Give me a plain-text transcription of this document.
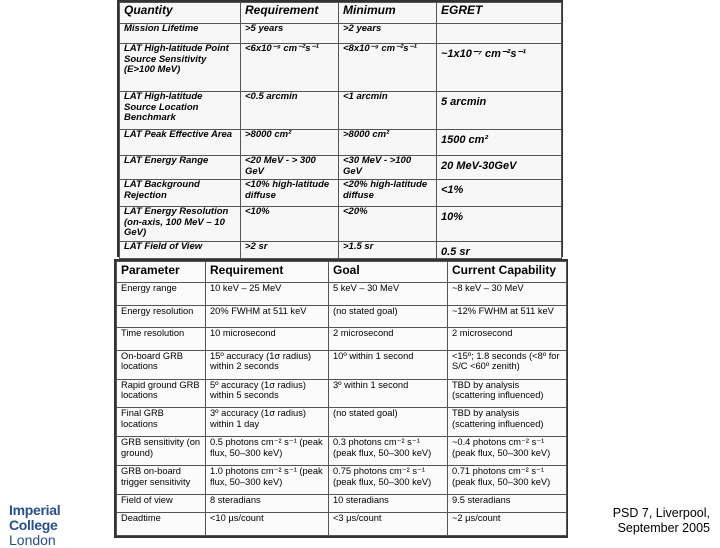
Quantity	Requirement	Minimum	EGRET
Mission Lifetime	>5 years	>2 years	
LAT High-latitude Point Source Sensitivity (E>100 MeV)	<6x10⁻⁹ cm⁻²s⁻¹	<8x10⁻⁹ cm⁻²s⁻¹	~1x10⁻⁷ cm⁻²s⁻¹
LAT High-latitude Source Location Benchmark	<0.5 arcmin	<1 arcmin	5 arcmin
LAT Peak Effective Area	>8000 cm²	>8000 cm²	1500 cm²
LAT Energy Range	<20 MeV - > 300 GeV	<30 MeV - >100 GeV	20 MeV-30GeV
LAT Background Rejection	<10% high-latitude diffuse	<20% high-latitude diffuse	<1%
LAT Energy Resolution (on-axis, 100 MeV – 10 GeV)	<10%	<20%	10%
LAT Field of View	>2 sr	>1.5 sr	0.5 sr
Parameter	Requirement	Goal	Current Capability
Energy range	10 keV – 25 MeV	5 keV – 30 MeV	~8 keV – 30 MeV
Energy resolution	20% FWHM at 511 keV	(no stated goal)	~12% FWHM at 511 keV
Time resolution	10 microsecond	2 microsecond	2 microsecond
On-board GRB locations	15º accuracy (1σ radius) within 2 seconds	10º within 1 second	<15º; 1.8 seconds (<8º for S/C <60º zenith)
Rapid ground GRB locations	5º accuracy (1σ radius) within 5 seconds	3º within 1 second	TBD by analysis (scattering influenced)
Final GRB locations	3º accuracy (1σ radius) within 1 day	(no stated goal)	TBD by analysis (scattering influenced)
GRB sensitivity (on ground)	0.5 photons cm⁻² s⁻¹ (peak flux, 50–300 keV)	0.3 photons cm⁻² s⁻¹ (peak flux, 50–300 keV)	~0.4 photons cm⁻² s⁻¹ (peak flux, 50–300 keV)
GRB on-board trigger sensitivity	1.0 photons cm⁻² s⁻¹ (peak flux, 50–300 keV)	0.75 photons cm⁻² s⁻¹ (peak flux, 50–300 keV)	0.71 photons cm⁻² s⁻¹ (peak flux, 50–300 keV)
Field of view	8 steradians	10 steradians	9.5 steradians
Deadtime	<10 μs/count	<3 μs/count	~2 μs/count
Imperial College
London
PSD 7, Liverpool,
September 2005
